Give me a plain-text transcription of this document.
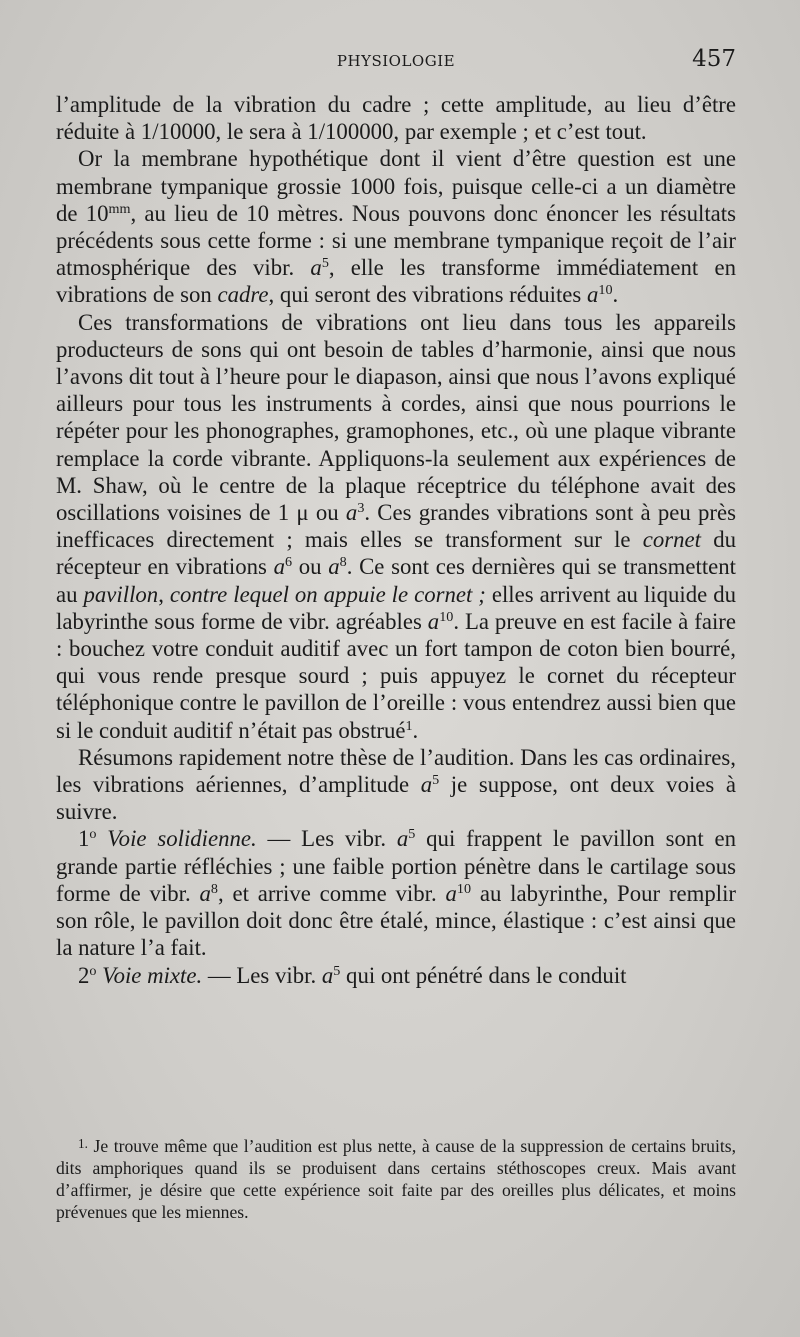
PHYSIOLOGIE	457

l’amplitude de la vibration du cadre ; cette amplitude, au lieu d’être réduite à 1/10000, le sera à 1/100000, par exemple ; et c’est tout.

Or la membrane hypothétique dont il vient d’être question est une membrane tympanique grossie 1000 fois, puisque celle-ci a un diamètre de $10^{mm}$, au lieu de 10 mètres. Nous pouvons donc énoncer les résultats précédents sous cette forme : si une membrane tympanique reçoit de l’air atmosphérique des vibr. $a^5$, elle les transforme immédiatement en vibrations de son cadre, qui seront des vibrations réduites $a^{10}$.

Ces transformations de vibrations ont lieu dans tous les appareils producteurs de sons qui ont besoin de tables d’harmonie, ainsi que nous l’avons dit tout à l’heure pour le diapason, ainsi que nous l’avons expliqué ailleurs pour tous les instruments à cordes, ainsi que nous pourrions le répéter pour les phonographes, gramophones, etc., où une plaque vibrante remplace la corde vibrante. Appliquons-la seulement aux expériences de M. Shaw, où le centre de la plaque réceptrice du téléphone avait des oscillations voisines de 1 μ ou $a^3$. Ces grandes vibrations sont à peu près inefficaces directement ; mais elles se transforment sur le cornet du récepteur en vibrations $a^6$ ou $a^8$. Ce sont ces dernières qui se transmettent au pavillon, contre lequel on appuie le cornet ; elles arrivent au liquide du labyrinthe sous forme de vibr. agréables $a^{10}$. La preuve en est facile à faire : bouchez votre conduit auditif avec un fort tampon de coton bien bourré, qui vous rende presque sourd ; puis appuyez le cornet du récepteur téléphonique contre le pavillon de l’oreille : vous entendrez aussi bien que si le conduit auditif n’était pas obstrué$^1$.

Résumons rapidement notre thèse de l’audition. Dans les cas ordinaires, les vibrations aériennes, d’amplitude $a^5$ je suppose, ont deux voies à suivre.

1$^o$ Voie solidienne. — Les vibr. $a^5$ qui frappent le pavillon sont en grande partie réfléchies ; une faible portion pénètre dans le cartilage sous forme de vibr. $a^8$, et arrive comme vibr. $a^{10}$ au labyrinthe, Pour remplir son rôle, le pavillon doit donc être étalé, mince, élastique : c’est ainsi que la nature l’a fait.

2$^o$ Voie mixte. — Les vibr. $a^5$ qui ont pénétré dans le conduit

$^{1.}$ Je trouve même que l’audition est plus nette, à cause de la suppression de certains bruits, dits amphoriques quand ils se produisent dans certains stéthoscopes creux. Mais avant d’affirmer, je désire que cette expérience soit faite par des oreilles plus délicates, et moins prévenues que les miennes.
